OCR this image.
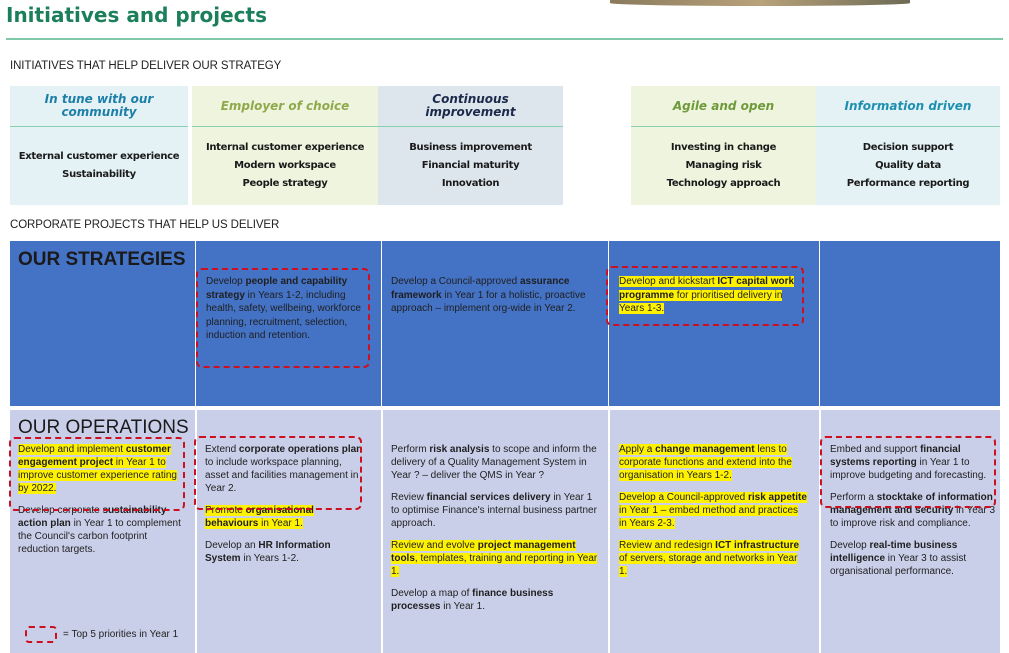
Initiatives and projects
INITIATIVES THAT HELP DELIVER OUR STRATEGY
In tune with our community
External customer experience
Sustainability
Employer of choice
Internal customer experience
Modern workspace
People strategy
Continuous improvement
Business improvement
Financial maturity
Innovation
Agile and open
Investing in change
Managing risk
Technology approach
Information driven
Decision support
Quality data
Performance reporting
CORPORATE PROJECTS THAT HELP US DELIVER
OUR STRATEGIES
Develop people and capability strategy in Years 1-2, including health, safety, wellbeing, workforce planning, recruitment, selection, induction and retention.
Develop a Council-approved assurance framework in Year 1 for a holistic, proactive approach – implement org-wide in Year 2.
Develop and kickstart ICT capital work programme for prioritised delivery in Years 1-3.
OUR OPERATIONS
Develop and implement customer engagement project in Year 1 to improve customer experience rating by 2022.
Develop corporate sustainability action plan in Year 1 to complement the Council's carbon footprint reduction targets.
Extend corporate operations plan to include workspace planning, asset and facilities management in Year 2.
Promote organisational behaviours in Year 1.
Develop an HR Information System in Years 1-2.
Perform risk analysis to scope and inform the delivery of a Quality Management System in Year ? – deliver the QMS in Year ?
Review financial services delivery in Year 1 to optimise Finance's internal business partner approach.
Review and evolve project management tools, templates, training and reporting in Year 1.
Develop a map of finance business processes in Year 1.
Apply a change management lens to corporate functions and extend into the organisation in Years 1-2.
Develop a Council-approved risk appetite in Year 1 – embed method and practices in Years 2-3.
Review and redesign ICT infrastructure of servers, storage and networks in Year 1.
Embed and support financial systems reporting in Year 1 to improve budgeting and forecasting.
Perform a stocktake of information management and security in Year 3 to improve risk and compliance.
Develop real-time business intelligence in Year 3 to assist organisational performance.
= Top 5 priorities in Year 1
